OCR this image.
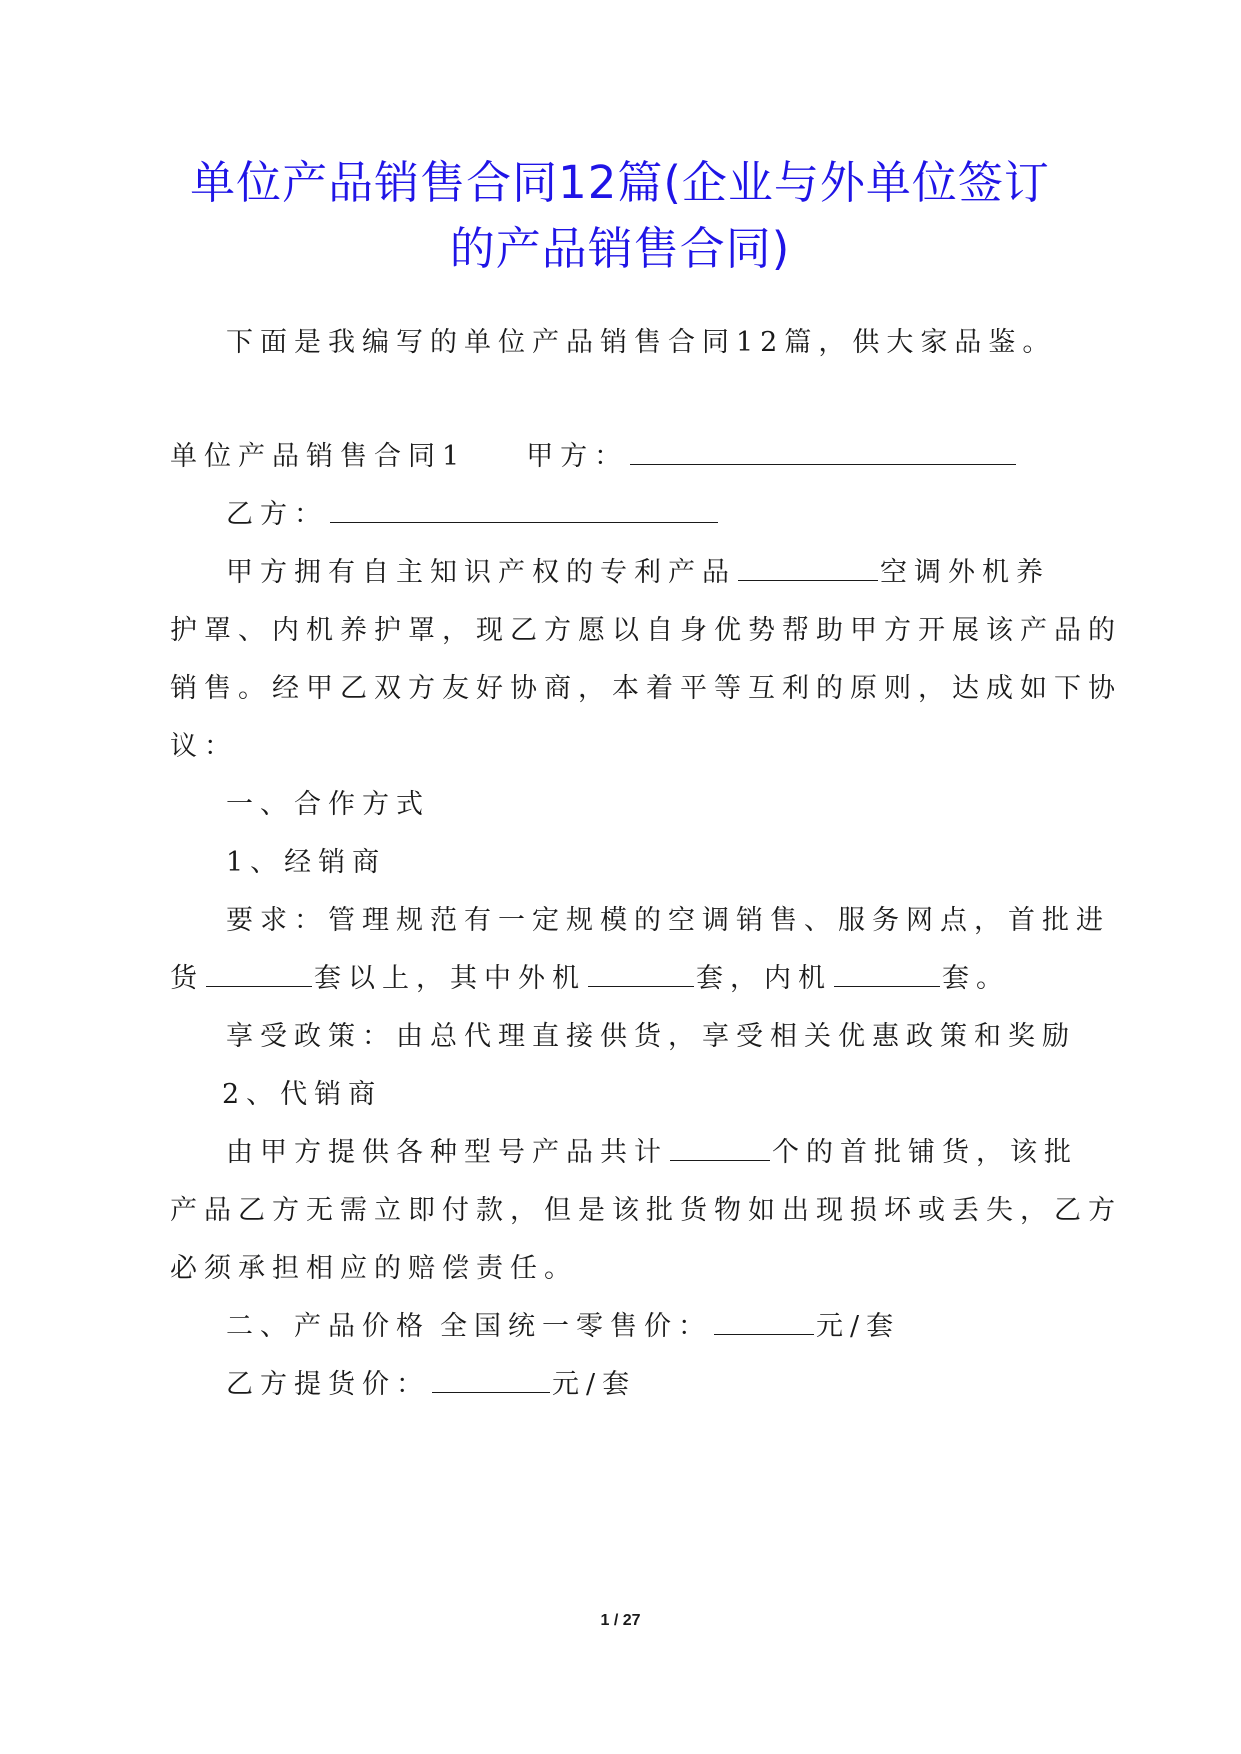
单位产品销售合同12篇(企业与外单位签订
的产品销售合同)
下面是我编写的单位产品销售合同12篇，供大家品鉴。
单位产品销售合同1 甲方：
乙方：
甲方拥有自主知识产权的专利产品	空调外机养
护罩、内机养护罩，现乙方愿以自身优势帮助甲方开展该产品的
销售。经甲乙双方友好协商，本着平等互利的原则，达成如下协
议：
一、合作方式
1、经销商
要求：管理规范有一定规模的空调销售、服务网点，首批进
货	套以上，其中外机	套，内机	套。
享受政策：由总代理直接供货，享受相关优惠政策和奖励
2、代销商
由甲方提供各种型号产品共计	个的首批铺货，该批
产品乙方无需立即付款，但是该批货物如出现损坏或丢失，乙方
必须承担相应的赔偿责任。
二、产品价格 全国统一零售价：	元/套
乙方提货价：	元/套
1 / 27
